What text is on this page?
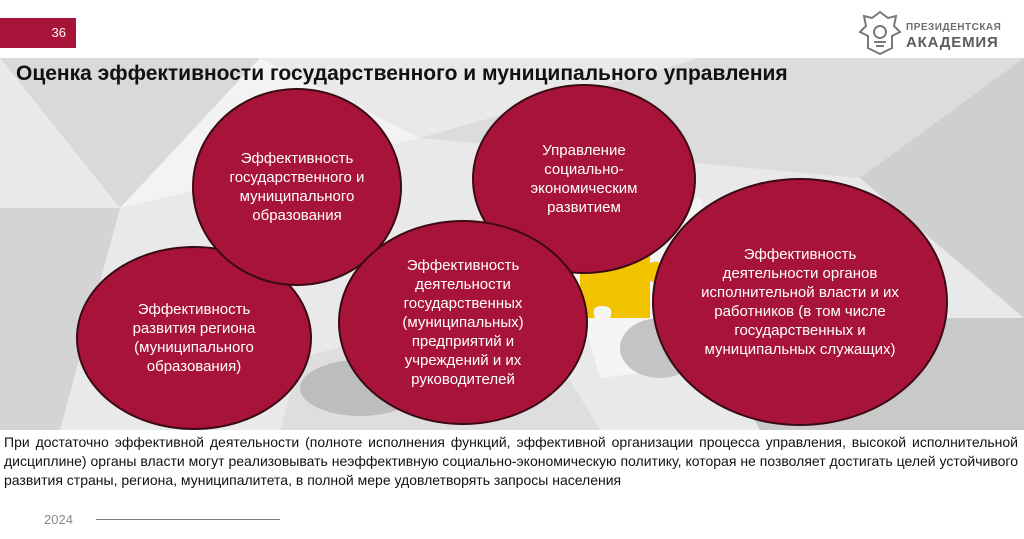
36	ПРЕЗИДЕНТСКАЯ
АКАДЕМИЯ
Оценка эффективности государственного и муниципального управления
Эффективность развития региона (муниципального образования)
Эффективность государственного и муниципального образования
Управление социально-экономическим развитием
Эффективность деятельности государственных (муниципальных) предприятий и учреждений и их руководителей
Эффективность деятельности органов исполнительной власти и их работников (в том числе государственных и муниципальных служащих)
При достаточно эффективной деятельности (полноте исполнения функций, эффективной организации процесса управления, высокой исполнительной дисциплине) органы власти могут реализовывать неэффективную социально-экономическую политику, которая не позволяет достигать целей устойчивого развития страны, региона, муниципалитета, в полной мере удовлетворять запросы населения
2024
